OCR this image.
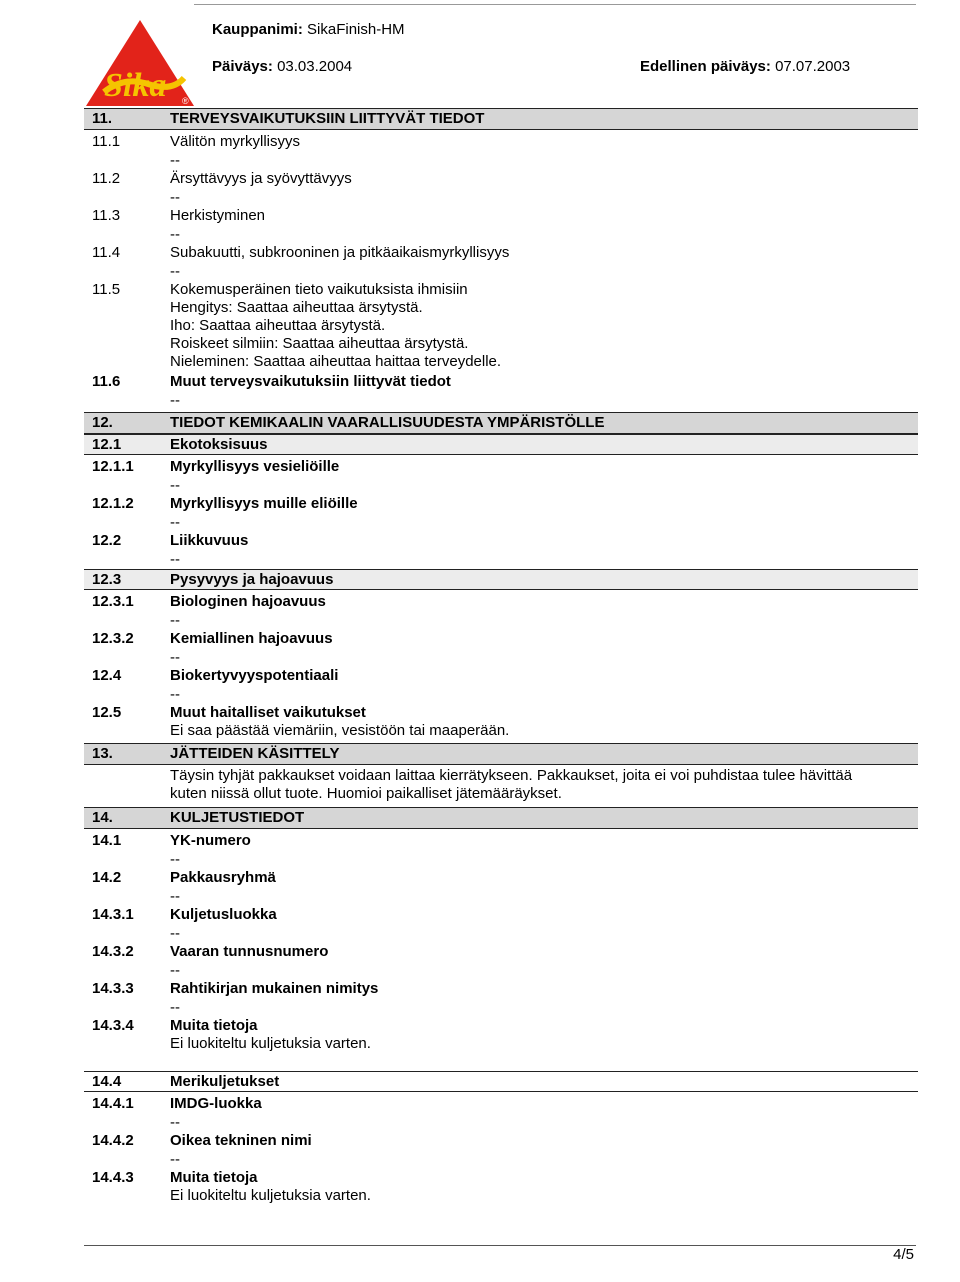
Sika ®
Kauppanimi: SikaFinish-HM
Päiväys: 03.03.2004	Edellinen päiväys: 07.07.2003
11.	TERVEYSVAIKUTUKSIIN LIITTYVÄT TIEDOT
11.1	Välitön myrkyllisyys
--
11.2	Ärsyttävyys ja syövyttävyys
--
11.3	Herkistyminen
--
11.4	Subakuutti, subkrooninen ja pitkäaikaismyrkyllisyys
--
11.5	Kokemusperäinen tieto vaikutuksista ihmisiin
Hengitys: Saattaa aiheuttaa ärsytystä.
Iho: Saattaa aiheuttaa ärsytystä.
Roiskeet silmiin: Saattaa aiheuttaa ärsytystä.
Nieleminen: Saattaa aiheuttaa haittaa terveydelle.
11.6	Muut terveysvaikutuksiin liittyvät tiedot
--
12.	TIEDOT KEMIKAALIN VAARALLISUUDESTA YMPÄRISTÖLLE
12.1	Ekotoksisuus
12.1.1	Myrkyllisyys vesieliöille
--
12.1.2	Myrkyllisyys muille eliöille
--
12.2	Liikkuvuus
--
12.3	Pysyvyys ja hajoavuus
12.3.1	Biologinen hajoavuus
--
12.3.2	Kemiallinen hajoavuus
--
12.4	Biokertyvyyspotentiaali
--
12.5	Muut haitalliset vaikutukset
Ei saa päästää viemäriin, vesistöön tai maaperään.
13.	JÄTTEIDEN KÄSITTELY
Täysin tyhjät pakkaukset voidaan laittaa kierrätykseen. Pakkaukset, joita ei voi puhdistaa tulee hävittää
kuten niissä ollut tuote. Huomioi paikalliset jätemääräykset.
14.	KULJETUSTIEDOT
14.1	YK-numero
--
14.2	Pakkausryhmä
--
14.3.1	Kuljetusluokka
--
14.3.2	Vaaran tunnusnumero
--
14.3.3	Rahtikirjan mukainen nimitys
--
14.3.4	Muita tietoja
Ei luokiteltu kuljetuksia varten.
14.4	Merikuljetukset
14.4.1	IMDG-luokka
--
14.4.2	Oikea tekninen nimi
--
14.4.3	Muita tietoja
Ei luokiteltu kuljetuksia varten.
4/5
